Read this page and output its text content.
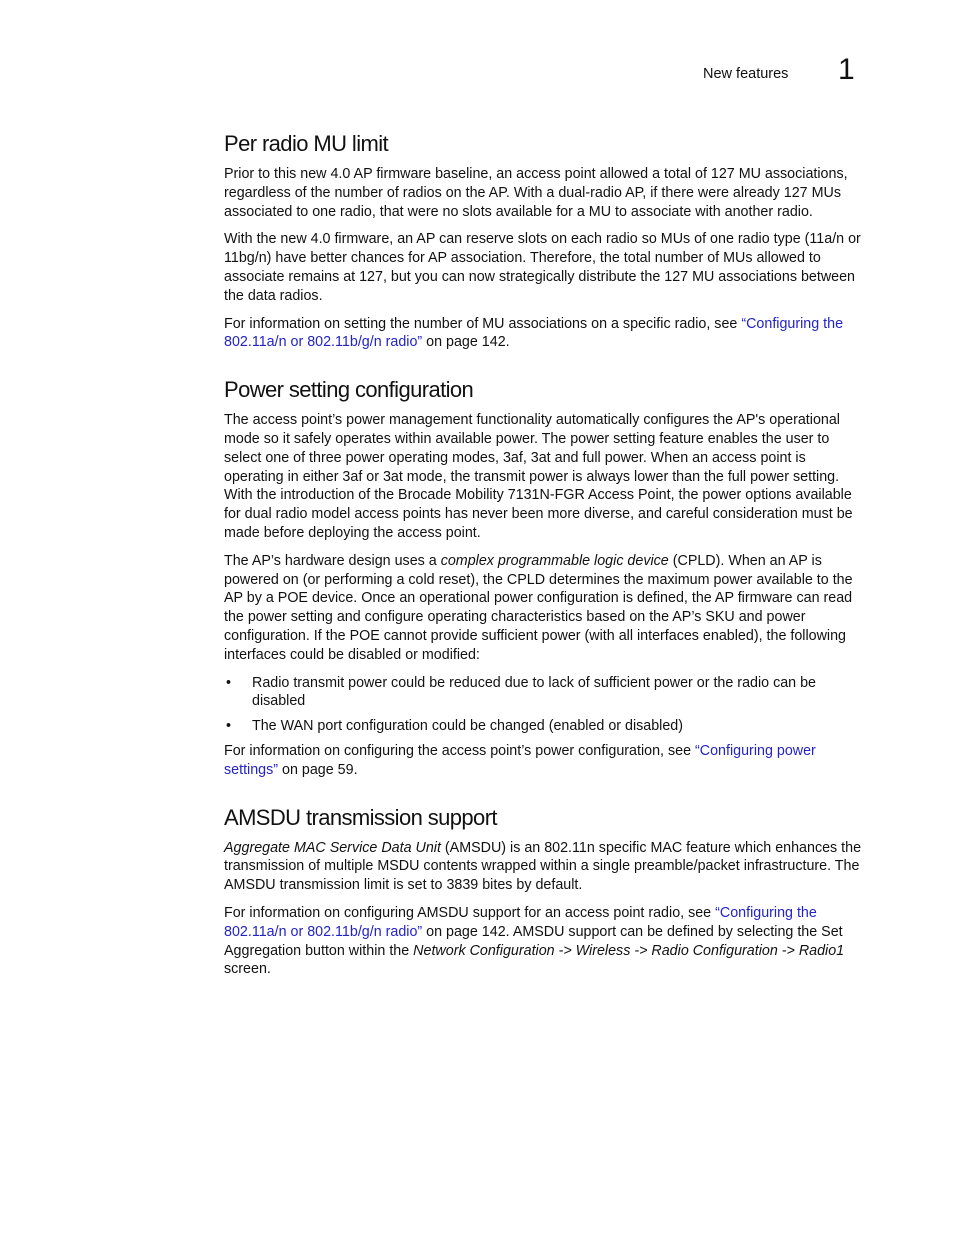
New features 1
Per radio MU limit

Prior to this new 4.0 AP firmware baseline, an access point allowed a total of 127 MU associations, regardless of the number of radios on the AP. With a dual-radio AP, if there were already 127 MUs associated to one radio, that were no slots available for a MU to associate with another radio.

With the new 4.0 firmware, an AP can reserve slots on each radio so MUs of one radio type (11a/n or 11bg/n) have better chances for AP association. Therefore, the total number of MUs allowed to associate remains at 127, but you can now strategically distribute the 127 MU associations between the data radios.

For information on setting the number of MU associations on a specific radio, see “Configuring the 802.11a/n or 802.11b/g/n radio” on page 142.

Power setting configuration

The access point’s power management functionality automatically configures the AP's operational mode so it safely operates within available power. The power setting feature enables the user to select one of three power operating modes, 3af, 3at and full power. When an access point is operating in either 3af or 3at mode, the transmit power is always lower than the full power setting. With the introduction of the Brocade Mobility 7131N-FGR Access Point, the power options available for dual radio model access points has never been more diverse, and careful consideration must be made before deploying the access point.

The AP’s hardware design uses a complex programmable logic device (CPLD). When an AP is powered on (or performing a cold reset), the CPLD determines the maximum power available to the AP by a POE device. Once an operational power configuration is defined, the AP firmware can read the power setting and configure operating characteristics based on the AP’s SKU and power configuration. If the POE cannot provide sufficient power (with all interfaces enabled), the following interfaces could be disabled or modified:

• Radio transmit power could be reduced due to lack of sufficient power or the radio can be disabled
• The WAN port configuration could be changed (enabled or disabled)

For information on configuring the access point’s power configuration, see “Configuring power settings” on page 59.

AMSDU transmission support

Aggregate MAC Service Data Unit (AMSDU) is an 802.11n specific MAC feature which enhances the transmission of multiple MSDU contents wrapped within a single preamble/packet infrastructure. The AMSDU transmission limit is set to 3839 bites by default.

For information on configuring AMSDU support for an access point radio, see “Configuring the 802.11a/n or 802.11b/g/n radio” on page 142. AMSDU support can be defined by selecting the Set Aggregation button within the Network Configuration -> Wireless -> Radio Configuration -> Radio1 screen.
